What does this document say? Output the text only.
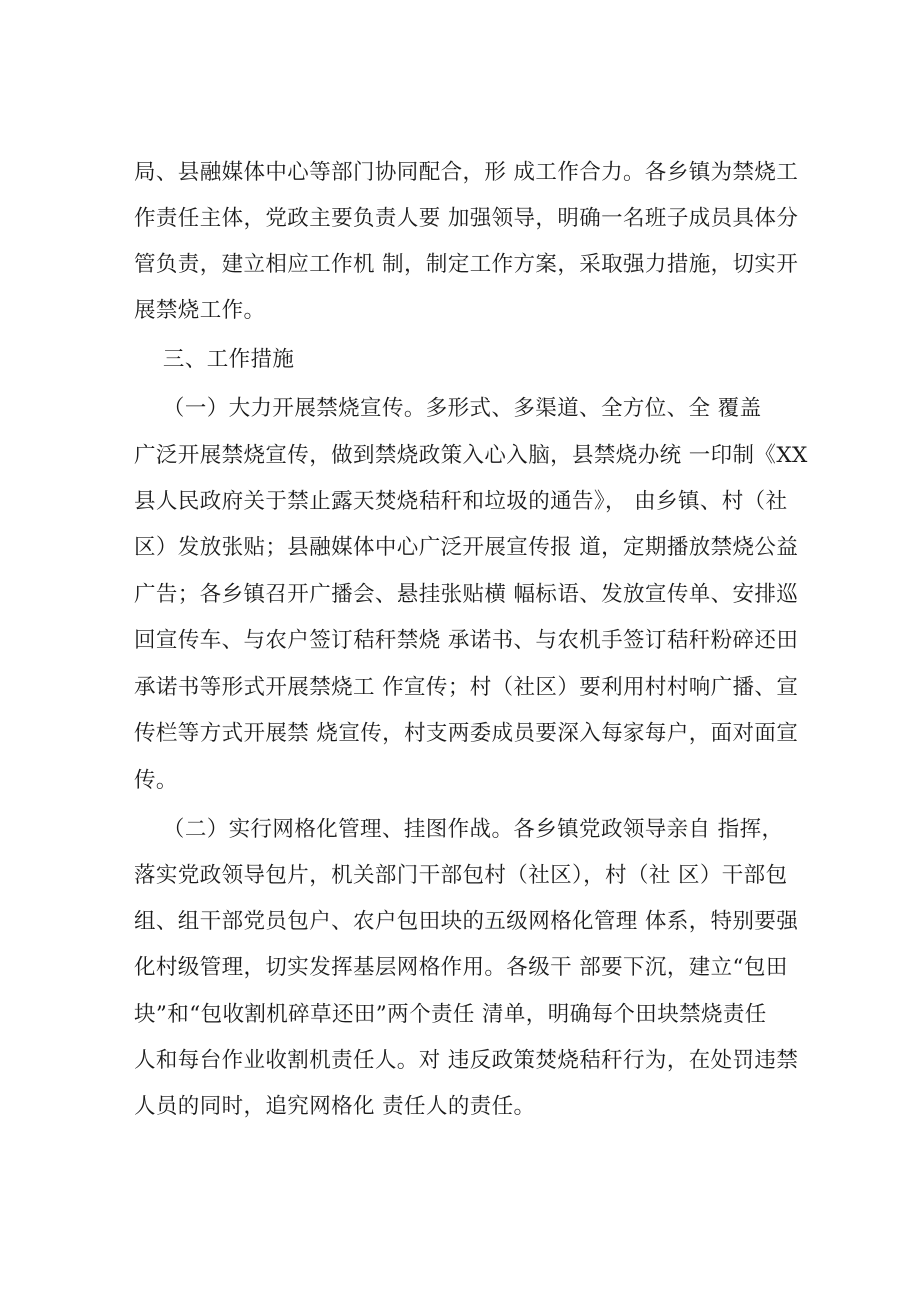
局、县融媒体中心等部门协同配合，形 成工作合力。各乡镇为禁烧工
作责任主体，党政主要负责人要 加强领导，明确一名班子成员具体分
管负责，建立相应工作机 制，制定工作方案，采取强力措施，切实开
展禁烧工作。
三、工作措施
（一）大力开展禁烧宣传。多形式、多渠道、全方位、全 覆盖
广泛开展禁烧宣传，做到禁烧政策入心入脑，县禁烧办统 一印制《XX
县人民政府关于禁止露天焚烧秸秆和垃圾的通告》， 由乡镇、村（社
区）发放张贴；县融媒体中心广泛开展宣传报 道，定期播放禁烧公益
广告；各乡镇召开广播会、悬挂张贴横 幅标语、发放宣传单、安排巡
回宣传车、与农户签订秸秆禁烧 承诺书、与农机手签订秸秆粉碎还田
承诺书等形式开展禁烧工 作宣传；村（社区）要利用村村响广播、宣
传栏等方式开展禁 烧宣传，村支两委成员要深入每家每户，面对面宣
传。
（二）实行网格化管理、挂图作战。各乡镇党政领导亲自 指挥，
落实党政领导包片，机关部门干部包村（社区），村（社 区）干部包
组、组干部党员包户、农户包田块的五级网格化管理 体系，特别要强
化村级管理，切实发挥基层网格作用。各级干 部要下沉，建立“包田
块”和“包收割机碎草还田”两个责任 清单，明确每个田块禁烧责任
人和每台作业收割机责任人。对 违反政策焚烧秸秆行为，在处罚违禁
人员的同时，追究网格化 责任人的责任。
